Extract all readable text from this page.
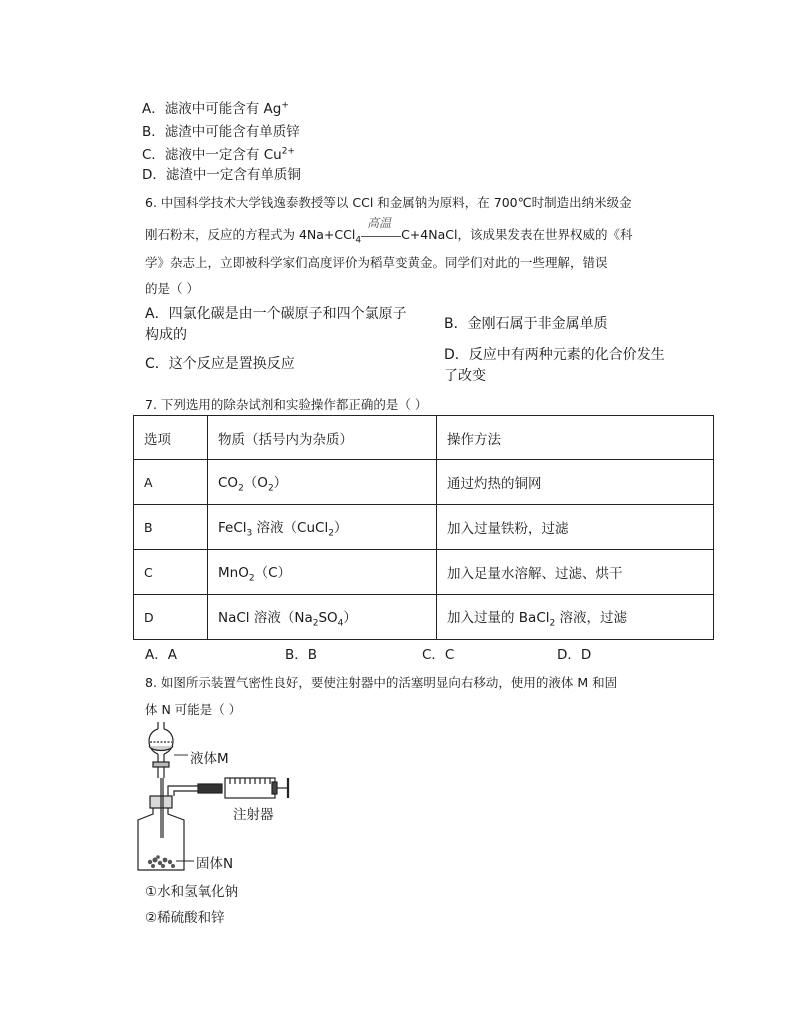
A．滤液中可能含有 Ag+
B．滤渣中可能含有单质锌
C．滤液中一定含有 $Cu^{2+}$
D．滤渣中一定含有单质铜
6. 中国科学技术大学钱逸泰教授等以 CCl 和金属钠为原料，在 700℃时制造出纳米级金
刚石粉末，反应的方程式为 4Na+CCl$_4$
高温
C+4NaCl，该成果发表在世界权威的《科
学》杂志上，立即被科学家们高度评价为稻草变黄金。同学们对此的一些理解，错误
的是（ ）
A．四氯化碳是由一个碳原子和四个氯原子
构成的
B．金刚石属于非金属单质
C．这个反应是置换反应
D．反应中有两种元素的化合价发生
了改变
7. 下列选用的除杂试剂和实验操作都正确的是（ ）
选项	物质（括号内为杂质）	操作方法
A	$CO_2(O_2)$	通过灼热的铜网
B	FeCl$_3$ 溶液（CuCl$_2$）	加入过量铁粉，过滤
C	MnO$_2$（C）	加入足量水溶解、过滤、烘干
D	NaCl 溶液$(Na_2SO_4)$	加入过量的 BaCl$_2$ 溶液，过滤
A．A	B．B	C．C	D．D
8. 如图所示装置气密性良好，要使注射器中的活塞明显向右移动，使用的液体 M 和固
体 N 可能是（ ）
液体M
注射器
固体N
①水和氢氧化钠
②稀硫酸和锌
